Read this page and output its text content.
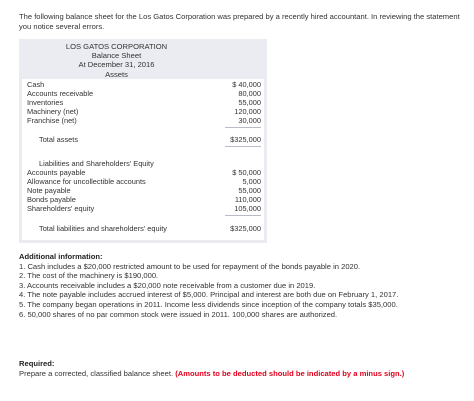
The following balance sheet for the Los Gatos Corporation was prepared by a recently hired accountant. In reviewing the statement you notice several errors.
LOS GATOS CORPORATION
Balance Sheet
At December 31, 2016
Assets
Cash	$ 40,000
Accounts receivable	80,000
Inventories	55,000
Machinery (net)	120,000
Franchise (net)	30,000
Total assets	$325,000
Liabilities and Shareholders' Equity
Accounts payable	$ 50,000
Allowance for uncollectible accounts	5,000
Note payable	55,000
Bonds payable	110,000
Shareholders' equity	105,000
Total liabilities and shareholders' equity	$325,000
Additional information:
1. Cash includes a $20,000 restricted amount to be used for repayment of the bonds payable in 2020.
2. The cost of the machinery is $190,000.
3. Accounts receivable includes a $20,000 note receivable from a customer due in 2019.
4. The note payable includes accrued interest of $5,000. Principal and interest are both due on February 1, 2017.
5. The company began operations in 2011. Income less dividends since inception of the company totals $35,000.
6. 50,000 shares of no par common stock were issued in 2011. 100,000 shares are authorized.
Required:
Prepare a corrected, classified balance sheet. (Amounts to be deducted should be indicated by a minus sign.)
